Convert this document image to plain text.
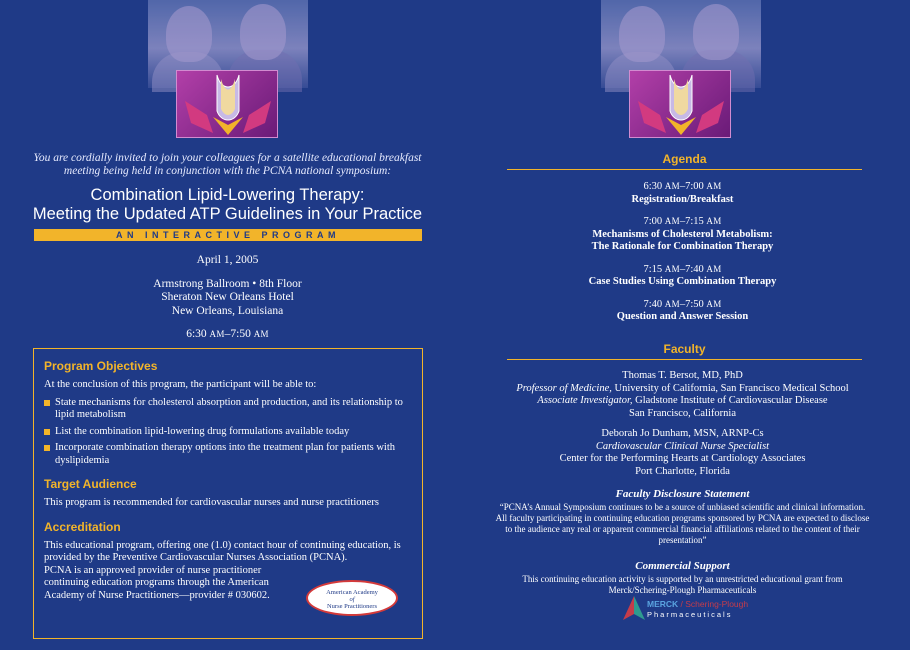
You are cordially invited to join your colleagues for a satellite educational breakfast meeting being held in conjunction with the PCNA national symposium:
Combination Lipid-Lowering Therapy:
Meeting the Updated ATP Guidelines in Your Practice
AN INTERACTIVE PROGRAM
April 1, 2005
Armstrong Ballroom • 8th Floor
Sheraton New Orleans Hotel
New Orleans, Louisiana
6:30 AM–7:50 AM
Program Objectives

At the conclusion of this program, the participant will be able to:

State mechanisms for cholesterol absorption and production, and its relationship to lipid metabolism
List the combination lipid-lowering drug formulations available today
Incorporate combination therapy options into the treatment plan for patients with dyslipidemia
Target Audience

This program is recommended for cardiovascular nurses and nurse practitioners

Accreditation

This educational program, offering one (1.0) contact hour of continuing education, is provided by the Preventive Cardiovascular Nurses Association (PCNA).

PCNA is an approved provider of nurse practitioner continuing education programs through the American Academy of Nurse Practitioners—provider # 030602.	American Academy
of
Nurse Practitioners
Agenda
6:30 AM–7:00 AM
Registration/Breakfast
7:00 AM–7:15 AM
Mechanisms of Cholesterol Metabolism:
The Rationale for Combination Therapy
7:15 AM–7:40 AM
Case Studies Using Combination Therapy
7:40 AM–7:50 AM
Question and Answer Session
Faculty
Thomas T. Bersot, MD, PhD
Professor of Medicine, University of California, San Francisco Medical School
Associate Investigator, Gladstone Institute of Cardiovascular Disease
San Francisco, California
Deborah Jo Dunham, MSN, ARNP-Cs
Cardiovascular Clinical Nurse Specialist
Center for the Performing Hearts at Cardiology Associates
Port Charlotte, Florida
Faculty Disclosure Statement
“PCNA’s Annual Symposium continues to be a source of unbiased scientific and clinical information. All faculty participating in continuing education programs sponsored by PCNA are expected to disclose to the audience any real or apparent commercial financial affiliations related to the content of their presentation”
Commercial Support
This continuing education activity is supported by an unrestricted educational grant from Merck/Schering-Plough Pharmaceuticals
MERCK / Schering-Plough
Pharmaceuticals
